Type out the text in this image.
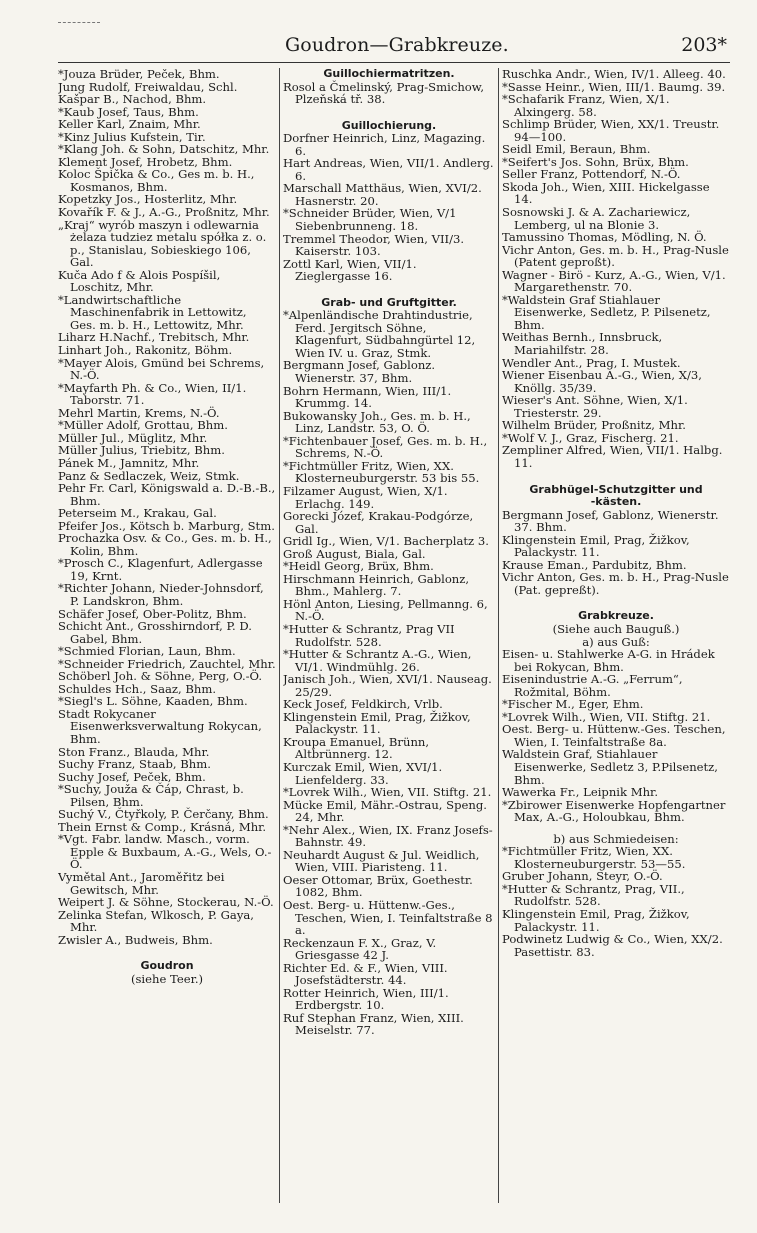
Goudron—Grabkreuze.	203*

*Jouza Brüder, Peček, Bhm.

Jung Rudolf, Freiwaldau, Schl.

Kašpar B., Nachod, Bhm.

*Kaub Josef, Taus, Bhm.

Keller Karl, Znaim, Mhr.

*Kinz Julius Kufstein, Tir.

*Klang Joh. & Sohn, Datschitz, Mhr.

Klement Josef, Hrobetz, Bhm.

Koloc Špička & Co., Ges m. b. H., Kosmanos, Bhm.

Kopetzky Jos., Hosterlitz, Mhr.

Kovařík F. & J., A.-G., Proßnitz, Mhr.

„Kraj“ wyrób maszyn i odlewarnia żelaza tudziez metalu spółka z. o. p., Stanislau, Sobieskiego 106, Gal.

Kuča Ado f & Alois Pospíšil, Loschitz, Mhr.

*Landwirtschaftliche Maschinenfabrik in Lettowitz, Ges. m. b. H., Lettowitz, Mhr.

Liharz H.Nachf., Trebitsch, Mhr.

Linhart Joh., Rakonitz, Böhm.

*Mayer Alois, Gmünd bei Schrems, N.-Ö.

*Mayfarth Ph. & Co., Wien, II/1. Taborstr. 71.

Mehrl Martin, Krems, N.-Ö.

*Müller Adolf, Grottau, Bhm.

Müller Jul., Müglitz, Mhr.

Müller Julius, Triebitz, Bhm.

Pánek M., Jamnitz, Mhr.

Panz & Sedlaczek, Weiz, Stmk.

Pehr Fr. Carl, Königswald a. D.-B.-B., Bhm.

Peterseim M., Krakau, Gal.

Pfeifer Jos., Kötsch b. Marburg, Stm.

Prochazka Osv. & Co., Ges. m. b. H., Kolin, Bhm.

*Prosch C., Klagenfurt, Adlergasse 19, Krnt.

*Richter Johann, Nieder-Johnsdorf, P. Landskron, Bhm.

Schäfer Josef, Ober-Politz, Bhm.

Schicht Ant., Grosshirndorf, P. D. Gabel, Bhm.

*Schmied Florian, Laun, Bhm.

*Schneider Friedrich, Zauchtel, Mhr.

Schöberl Joh. & Söhne, Perg, O.-Ö.

Schuldes Hch., Saaz, Bhm.

*Siegl's L. Söhne, Kaaden, Bhm.

Stadt Rokycaner Eisenwerksverwaltung Rokycan, Bhm.

Ston Franz., Blauda, Mhr.

Suchy Franz, Staab, Bhm.

Suchy Josef, Peček, Bhm.

*Suchy, Jouža & Čáp, Chrast, b. Pilsen, Bhm.

Suchý V., Čtyřkoly, P. Čerčany, Bhm.

Thein Ernst & Comp., Krásná, Mhr.

*Vgt. Fabr. landw. Masch., vorm. Epple & Buxbaum, A.-G., Wels, O.-Ö.

Vymětal Ant., Jaroměřitz bei Gewitsch, Mhr.

Weipert J. & Söhne, Stockerau, N.-Ö.

Zelinka Stefan, Wlkosch, P. Gaya, Mhr.

Zwisler A., Budweis, Bhm.

Goudron

(siehe Teer.)

Guillochiermatritzen.

Rosol a Čmelinský, Prag-Smichow, Plzeňská tř. 38.

Guillochierung.

Dorfner Heinrich, Linz, Magazing. 6.

Hart Andreas, Wien, VII/1. Andlerg. 6.

Marschall Matthäus, Wien, XVI/2. Hasnerstr. 20.

*Schneider Brüder, Wien, V/1 Siebenbrunneng. 18.

Tremmel Theodor, Wien, VII/3. Kaiserstr. 103.

Zottl Karl, Wien, VII/1. Zieglergasse 16.

Grab- und Gruftgitter.

*Alpenländische Drahtindustrie, Ferd. Jergitsch Söhne, Klagenfurt, Südbahngürtel 12, Wien IV. u. Graz, Stmk.

Bergmann Josef, Gablonz. Wienerstr. 37, Bhm.

Bohrn Hermann, Wien, III/1. Krummg. 14.

Bukowansky Joh., Ges. m. b. H., Linz, Landstr. 53, O. Ö.

*Fichtenbauer Josef, Ges. m. b. H., Schrems, N.-Ö.

*Fichtmüller Fritz, Wien, XX. Klosterneuburgerstr. 53 bis 55.

Filzamer August, Wien, X/1. Erlachg. 149.

Gorecki Józef, Krakau-Podgórze, Gal.

Gridl Ig., Wien, V/1. Bacherplatz 3.

Groß August, Biala, Gal.

*Heidl Georg, Brüx, Bhm.

Hirschmann Heinrich, Gablonz, Bhm., Mahlerg. 7.

Hönl Anton, Liesing, Pellmanng. 6, N.-Ö.

*Hutter & Schrantz, Prag VII Rudolfstr. 528.

*Hutter & Schrantz A.-G., Wien, VI/1. Windmühlg. 26.

Janisch Joh., Wien, XVI/1. Nauseag. 25/29.

Keck Josef, Feldkirch, Vrlb.

Klingenstein Emil, Prag, Žižkov, Palackystr. 11.

Kroupa Emanuel, Brünn, Altbrünnerg. 12.

Kurczak Emil, Wien, XVI/1. Lienfelderg. 33.

*Lovrek Wilh., Wien, VII. Stiftg. 21.

Mücke Emil, Mähr.-Ostrau, Speng. 24, Mhr.

*Nehr Alex., Wien, IX. Franz Josefs-Bahnstr. 49.

Neuhardt August & Jul. Weidlich, Wien, VIII. Piaristeng. 11.

Oeser Ottomar, Brüx, Goethestr. 1082, Bhm.

Oest. Berg- u. Hüttenw.-Ges., Teschen, Wien, I. Teinfaltstraße 8 a.

Reckenzaun F. X., Graz, V. Griesgasse 42 J.

Richter Ed. & F., Wien, VIII. Josefstädterstr. 44.

Rotter Heinrich, Wien, III/1. Erdbergstr. 10.

Ruf Stephan Franz, Wien, XIII. Meiselstr. 77.

Ruschka Andr., Wien, IV/1. Alleeg. 40.

*Sasse Heinr., Wien, III/1. Baumg. 39.

*Schafarik Franz, Wien, X/1. Alxingerg. 58.

Schlimp Brüder, Wien, XX/1. Treustr. 94—100.

Seidl Emil, Beraun, Bhm.

*Seifert's Jos. Sohn, Brüx, Bhm.

Seller Franz, Pottendorf, N.-Ö.

Skoda Joh., Wien, XIII. Hickelgasse 14.

Sosnowski J. & A. Zachariewicz, Lemberg, ul na Blonie 3.

Tamussino Thomas, Mödling, N. Ö.

Vichr Anton, Ges. m. b. H., Prag-Nusle (Patent geproßt).

Wagner - Birö - Kurz, A.-G., Wien, V/1. Margarethenstr. 70.

*Waldstein Graf Stiahlauer Eisenwerke, Sedletz, P. Pilsenetz, Bhm.

Weithas Bernh., Innsbruck, Mariahilfstr. 28.

Wendler Ant., Prag, I. Mustek.

Wiener Eisenbau A.-G., Wien, X/3, Knöllg. 35/39.

Wieser's Ant. Söhne, Wien, X/1. Triesterstr. 29.

Wilhelm Brüder, Proßnitz, Mhr.

*Wolf V. J., Graz, Fischerg. 21.

Zempliner Alfred, Wien, VII/1. Halbg. 11.

Grabhügel-Schutzgitter und

-kästen.

Bergmann Josef, Gablonz, Wienerstr. 37. Bhm.

Klingenstein Emil, Prag, Žižkov, Palackystr. 11.

Krause Eman., Pardubitz, Bhm.

Vichr Anton, Ges. m. b. H., Prag-Nusle (Pat. gepreßt).

Grabkreuze.

(Siehe auch Bauguß.)

a) aus Guß:

Eisen- u. Stahlwerke A-G. in Hrádek bei Rokycan, Bhm.

Eisenindustrie A.-G. „Ferrum“, Rožmital, Böhm.

*Fischer M., Eger, Ehm.

*Lovrek Wilh., Wien, VII. Stiftg. 21.

Oest. Berg- u. Hüttenw.-Ges. Teschen, Wien, I. Teinfaltstraße 8a.

Waldstein Graf, Stiahlauer Eisenwerke, Sedletz 3, P.Pilsenetz, Bhm.

Wawerka Fr., Leipnik Mhr.

*Zbirower Eisenwerke Hopfengartner Max, A.-G., Holoubkau, Bhm.

b) aus Schmiedeisen:

*Fichtmüller Fritz, Wien, XX. Klosterneuburgerstr. 53—55.

Gruber Johann, Steyr, O.-Ö.

*Hutter & Schrantz, Prag, VII., Rudolfstr. 528.

Klingenstein Emil, Prag, Žižkov, Palackystr. 11.

Podwinetz Ludwig & Co., Wien, XX/2. Pasettistr. 83.
